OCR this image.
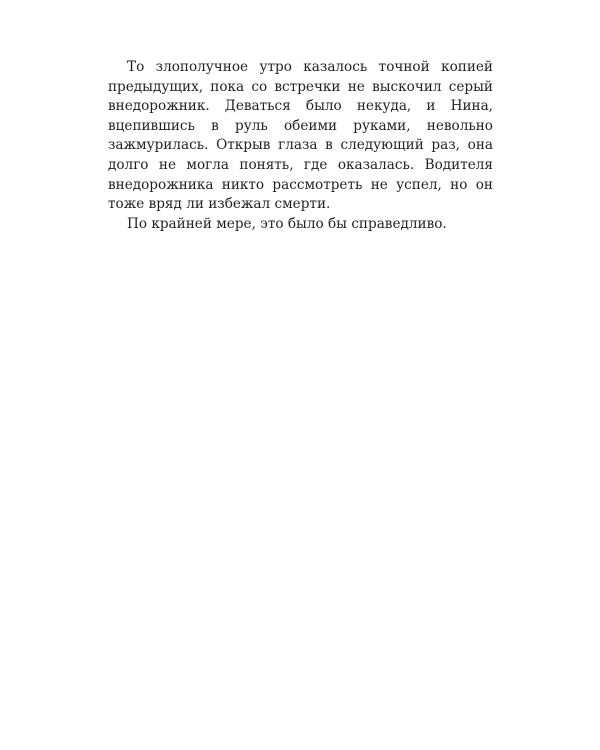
То злополучное утро казалось точной копией предыдущих, пока со встречки не выскочил серый внедорожник. Деваться было некуда, и Нина, вцепившись в руль обеими руками, невольно зажмурилась. Открыв глаза в следующий раз, она долго не могла понять, где оказалась. Водителя внедорожника никто рассмотреть не успел, но он тоже вряд ли избежал смерти.

По крайней мере, это было бы справедливо.
